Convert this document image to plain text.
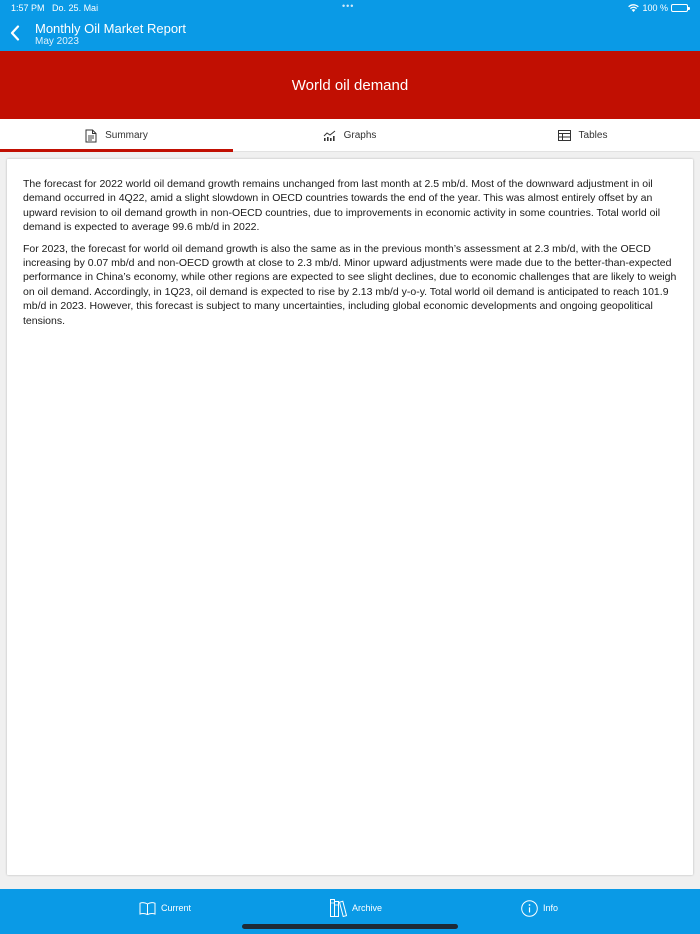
1:57 PM Do. 25. Mai	•••	100 %
Monthly Oil Market Report
May 2023
World oil demand
Summary	Graphs	Tables

The forecast for 2022 world oil demand growth remains unchanged from last month at 2.5 mb/d. Most of the downward adjustment in oil demand occurred in 4Q22, amid a slight slowdown in OECD countries towards the end of the year. This was almost entirely offset by an upward revision to oil demand growth in non-OECD countries, due to improvements in economic activity in some countries. Total world oil demand is expected to average 99.6 mb/d in 2022.

For 2023, the forecast for world oil demand growth is also the same as in the previous month’s assessment at 2.3 mb/d, with the OECD increasing by 0.07 mb/d and non-OECD growth at close to 2.3 mb/d. Minor upward adjustments were made due to the better-than-expected performance in China’s economy, while other regions are expected to see slight declines, due to economic challenges that are likely to weigh on oil demand. Accordingly, in 1Q23, oil demand is expected to rise by 2.13 mb/d y-o-y. Total world oil demand is anticipated to reach 101.9 mb/d in 2023. However, this forecast is subject to many uncertainties, including global economic developments and ongoing geopolitical tensions.

Current	Archive	Info
